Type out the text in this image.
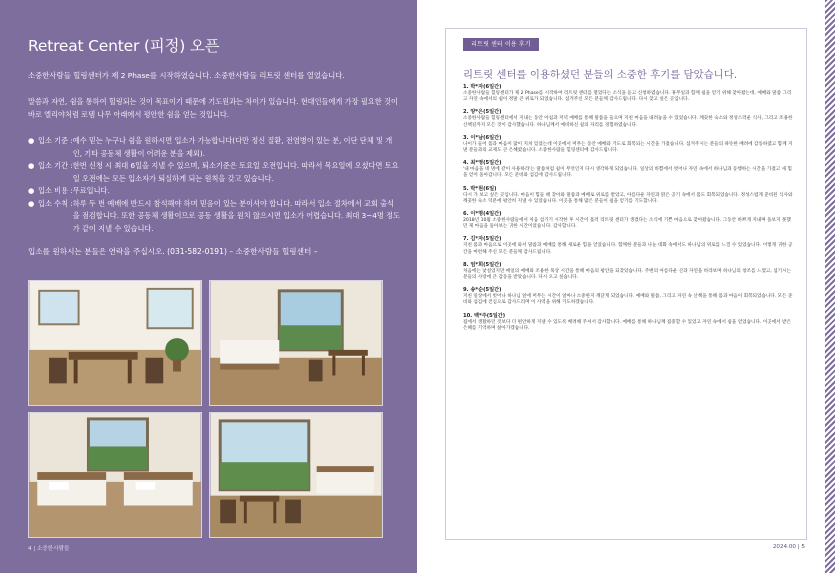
Retreat Center (피정) 오픈
소중한사람들 힐링센터가 제 2 Phase를 시작하였습니다. 소중한사람들 리트릿 센터를 열었습니다.
말씀과 자연, 쉼을 통하여 힐링되는 것이 목표이기 때문에 기도원과는 차이가 있습니다. 현대인들에게 가장 필요한 것이 바로 엘리야처럼 로뎀 나무 아래에서 평안한 쉼을 얻는 것입니다.
● 입소 기준 : 예수 믿는 누구나 쉼을 원하시면 입소가 가능합니다(다만 정신 질환, 전염병이 있는 분, 이단 단체 및 개인, 기타 공동체 생활이 어려운 분을 제외).
● 입소 기간 : 한번 신청 시 최대 6일을 지낼 수 있으며, 퇴소기준은 토요일 오전입니다. 따라서 목요일에 오셨다면 토요일 오전에는 모든 입소자가 퇴실하게 되는 원칙을 갖고 있습니다.
● 입소 비용 : 무료입니다.
● 입소 수칙 : 하루 두 번 예배에 반드시 참석해야 하며 믿음이 있는 분이셔야 합니다. 따라서 입소 절차에서 교회 출석을 점검합니다. 또한 공동체 생활이므로 공동 생활을 원치 않으시면 입소가 어렵습니다. 최대 3~4명 정도가 같이 지낼 수 있습니다.
입소를 원하시는 분들은 연락을 주십시오. (031-582-0191) – 소중한사람들 힐링센터 –
4 | 소중한사람들
리트릿 센터 이용 후기
리트릿 센터를 이용하셨던 분들의 소중한 후기를 담았습니다.
1. 박*자(6일간)
소중한사람들 힐링센터가 제 2 Phase를 시작하여 리트릿 센터를 열었다는 소식을 듣고 신청하였습니다. 휴무일과 함께 쉼을 얻기 위해 찾아왔는데, 예배와 말씀 그리고 자연 속에서의 쉼이 정말 큰 위로가 되었습니다. 섬겨주신 모든 분들께 감사드립니다. 다시 찾고 싶은 곳입니다.
2. 양*은(5일간)
소중한사람들 힐링센터에서 지내는 동안 아침과 저녁 예배를 통해 말씀을 들으며 지친 마음을 내려놓을 수 있었습니다. 깨끗한 숙소와 정성스러운 식사, 그리고 조용한 산책길까지 모든 것이 감사했습니다. 하나님께서 예비하신 쉼의 자리를 경험하였습니다.
3. 이*남(6일간)
나이가 들어 몸과 마음이 많이 지쳐 있었는데 이곳에서 머무는 동안 예배와 기도로 회복되는 시간을 가졌습니다. 섬겨주시는 분들의 따뜻한 배려에 감동하였고 함께 지낸 분들과의 교제도 큰 은혜였습니다. 소중한사람들 힐링센터에 감사드립니다.
4. 최*영(5일간)
'내 마음을 네 멍에 같이 사용하라'는 말씀처럼 쉼이 무엇인지 다시 생각하게 되었습니다. 일상의 바쁨에서 벗어나 자연 속에서 하나님과 동행하는 시간을 가졌고 새 힘을 얻어 돌아갑니다. 모든 준비와 섬김에 감사드립니다.
5. 박*원(6일)
다시 가 보고 싶은 곳입니다. 마음이 힘들 때 찾아와 말씀과 예배로 위로를 받았고, 아름다운 자연과 맑은 공기 속에서 몸도 회복되었습니다. 정성스럽게 준비된 식사와 깨끗한 숙소 덕분에 평안히 지낼 수 있었습니다. 이곳을 통해 많은 분들이 쉼을 얻기를 기도합니다.
6. 이*명(4일간)
2018년 10월 소중한사람들에서 처음 섬기기 시작한 후 시간이 흘러 리트릿 센터가 생겼다는 소식에 기쁜 마음으로 찾아왔습니다. 그동안 바쁘게 지내며 돌보지 못했던 제 마음을 돌아보는 귀한 시간이었습니다. 감사합니다.
7. 김*자(5일간)
지친 몸과 마음으로 이곳에 와서 말씀과 예배를 통해 새로운 힘을 얻었습니다. 함께한 분들과 나눈 대화 속에서도 하나님의 위로를 느낄 수 있었습니다. 이렇게 귀한 공간을 마련해 주신 모든 분들께 감사드립니다.
8. 엄*희(5일간)
처음에는 낯설었지만 매일의 예배와 조용한 묵상 시간을 통해 마음의 평안을 되찾았습니다. 주변의 아름다운 산과 자연을 바라보며 하나님의 창조를 느꼈고, 섬기시는 분들의 사랑에 큰 감동을 받았습니다. 다시 오고 싶습니다.
9. 송*순(5일간)
지친 일상에서 벗어나 하나님 앞에 머무는 시간이 얼마나 소중한지 깨닫게 되었습니다. 예배와 말씀, 그리고 자연 속 산책을 통해 몸과 마음이 회복되었습니다. 모든 준비와 섬김에 진심으로 감사드리며 이 사역을 위해 기도하겠습니다.
10. 백*주(5일간)
집에서 생활하던 것보다 더 편안하게 지낼 수 있도록 배려해 주셔서 감사합니다. 예배를 통해 하나님께 집중할 수 있었고 자연 속에서 쉼을 얻었습니다. 이곳에서 받은 은혜를 기억하며 살아가겠습니다.
2024.00 | 5
